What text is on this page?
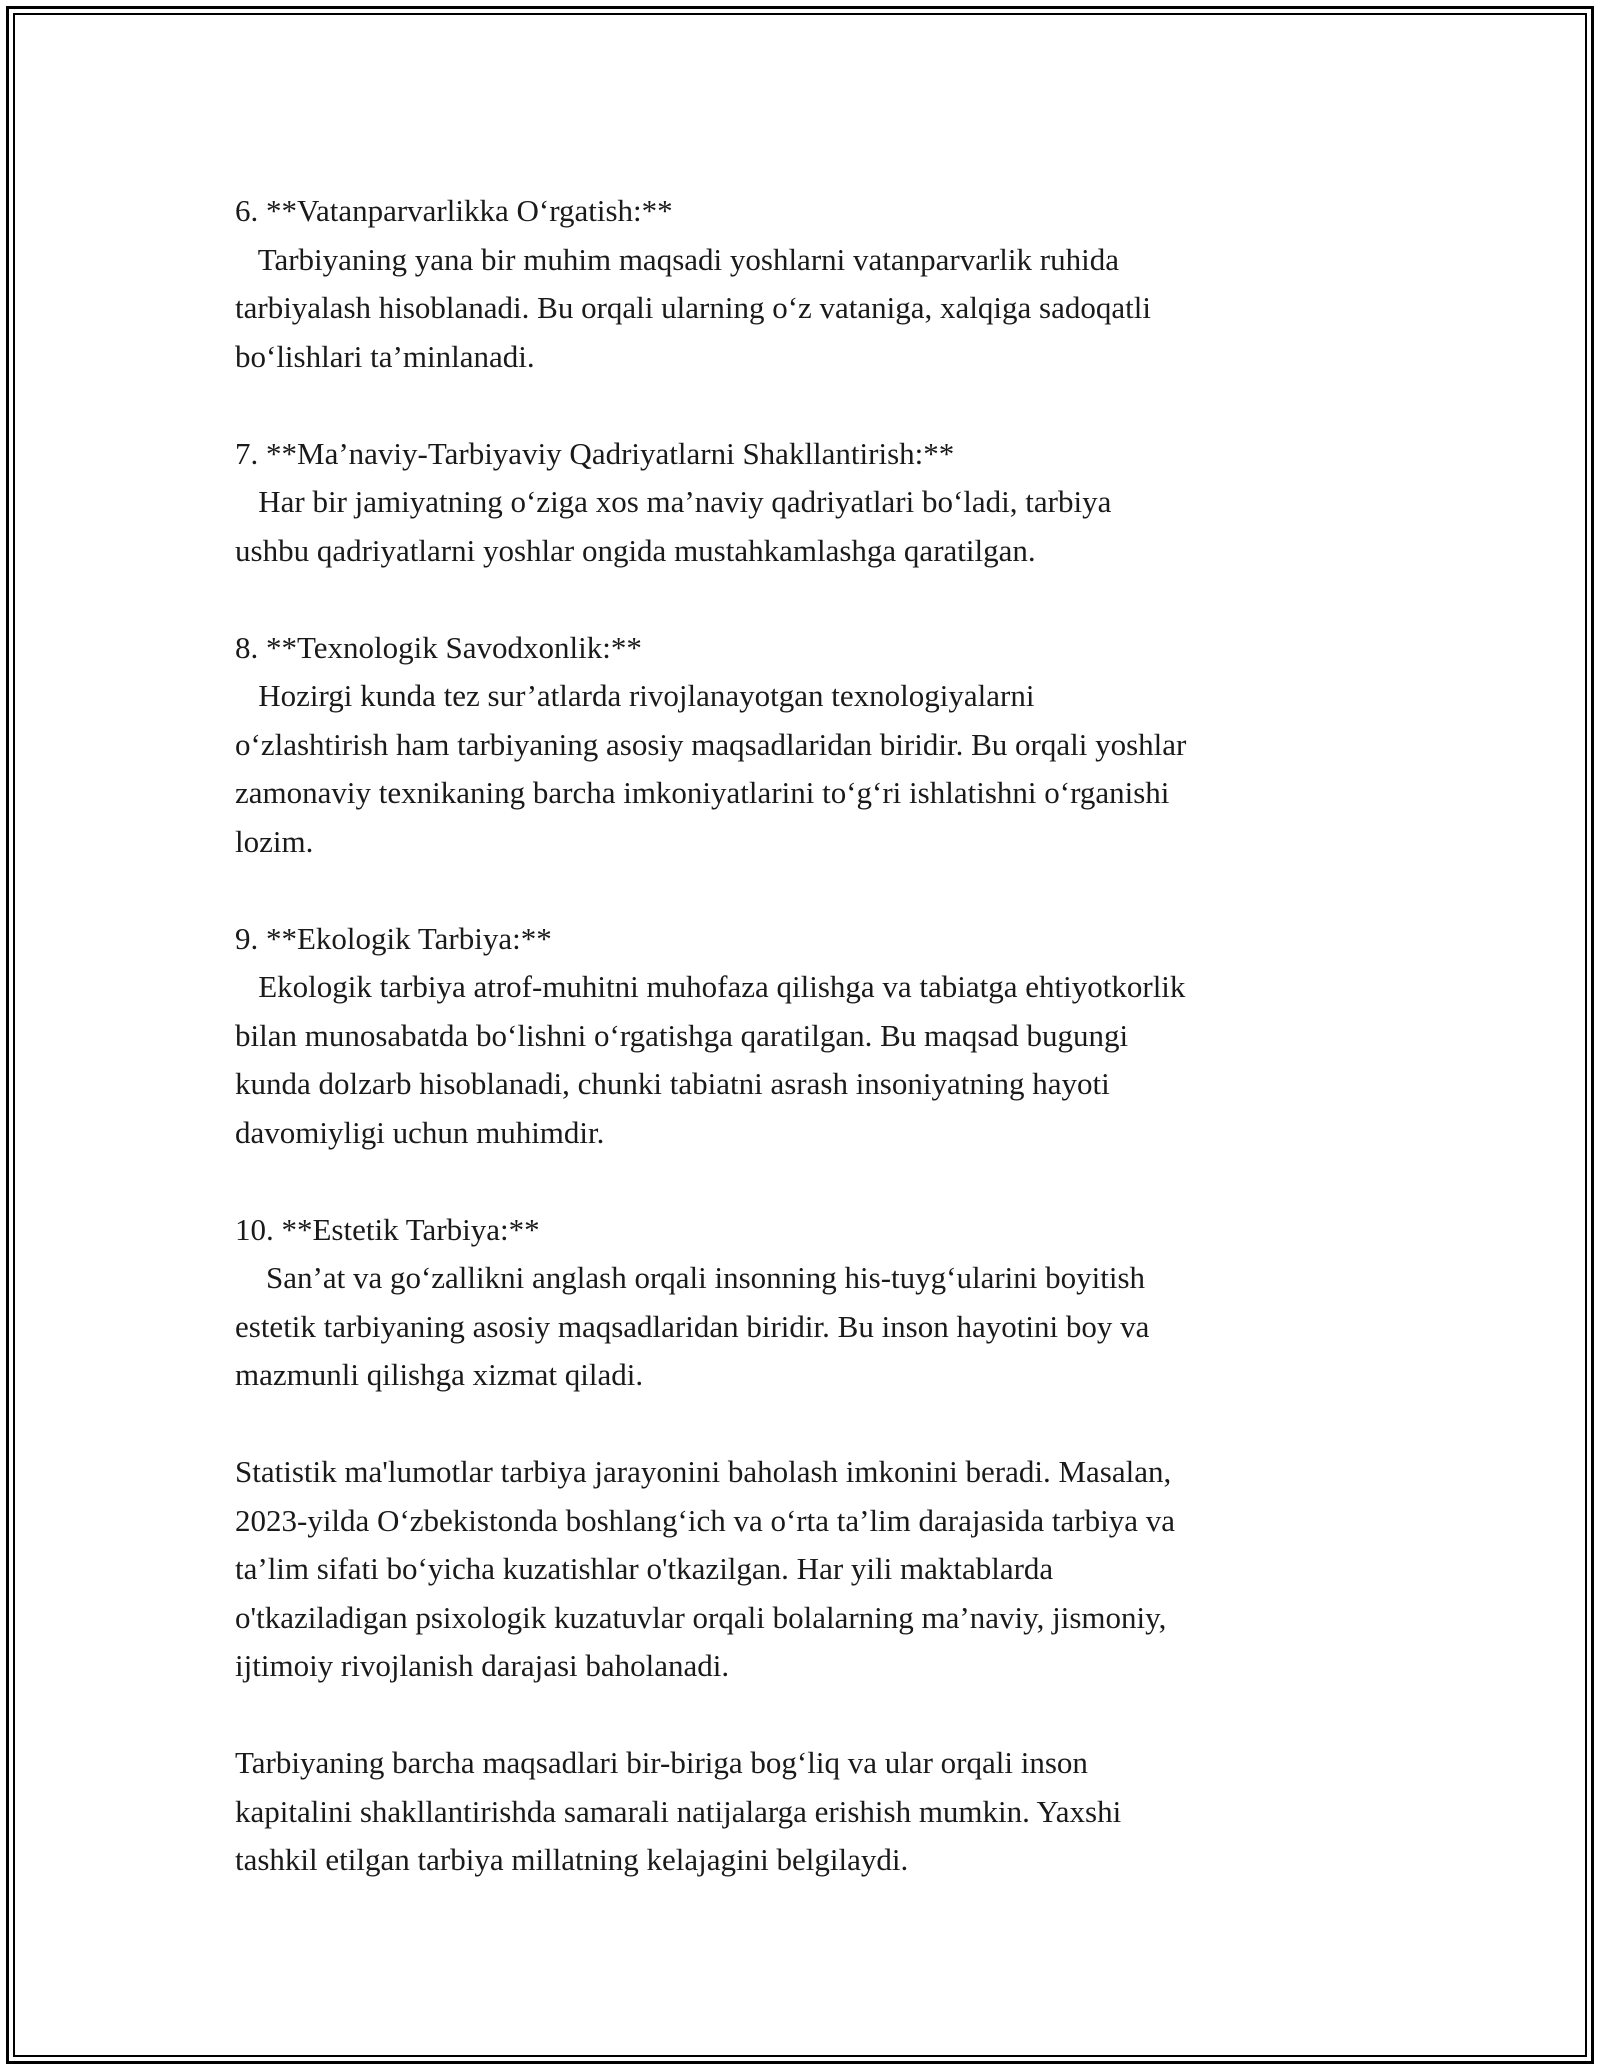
6. **Vatanparvarlikka O‘rgatish:**
Tarbiyaning yana bir muhim maqsadi yoshlarni vatanparvarlik ruhida
tarbiyalash hisoblanadi. Bu orqali ularning o‘z vataniga, xalqiga sadoqatli
bo‘lishlari ta’minlanadi.
7. **Ma’naviy-Tarbiyaviy Qadriyatlarni Shakllantirish:**
Har bir jamiyatning o‘ziga xos ma’naviy qadriyatlari bo‘ladi, tarbiya
ushbu qadriyatlarni yoshlar ongida mustahkamlashga qaratilgan.
8. **Texnologik Savodxonlik:**
Hozirgi kunda tez sur’atlarda rivojlanayotgan texnologiyalarni
o‘zlashtirish ham tarbiyaning asosiy maqsadlaridan biridir. Bu orqali yoshlar
zamonaviy texnikaning barcha imkoniyatlarini to‘g‘ri ishlatishni o‘rganishi
lozim.
9. **Ekologik Tarbiya:**
Ekologik tarbiya atrof-muhitni muhofaza qilishga va tabiatga ehtiyotkorlik
bilan munosabatda bo‘lishni o‘rgatishga qaratilgan. Bu maqsad bugungi
kunda dolzarb hisoblanadi, chunki tabiatni asrash insoniyatning hayoti
davomiyligi uchun muhimdir.
10. **Estetik Tarbiya:**
San’at va go‘zallikni anglash orqali insonning his-tuyg‘ularini boyitish
estetik tarbiyaning asosiy maqsadlaridan biridir. Bu inson hayotini boy va
mazmunli qilishga xizmat qiladi.
Statistik ma'lumotlar tarbiya jarayonini baholash imkonini beradi. Masalan,
2023-yilda O‘zbekistonda boshlang‘ich va o‘rta ta’lim darajasida tarbiya va
ta’lim sifati bo‘yicha kuzatishlar o'tkazilgan. Har yili maktablarda
o'tkaziladigan psixologik kuzatuvlar orqali bolalarning ma’naviy, jismoniy,
ijtimoiy rivojlanish darajasi baholanadi.
Tarbiyaning barcha maqsadlari bir-biriga bog‘liq va ular orqali inson
kapitalini shakllantirishda samarali natijalarga erishish mumkin. Yaxshi
tashkil etilgan tarbiya millatning kelajagini belgilaydi.
